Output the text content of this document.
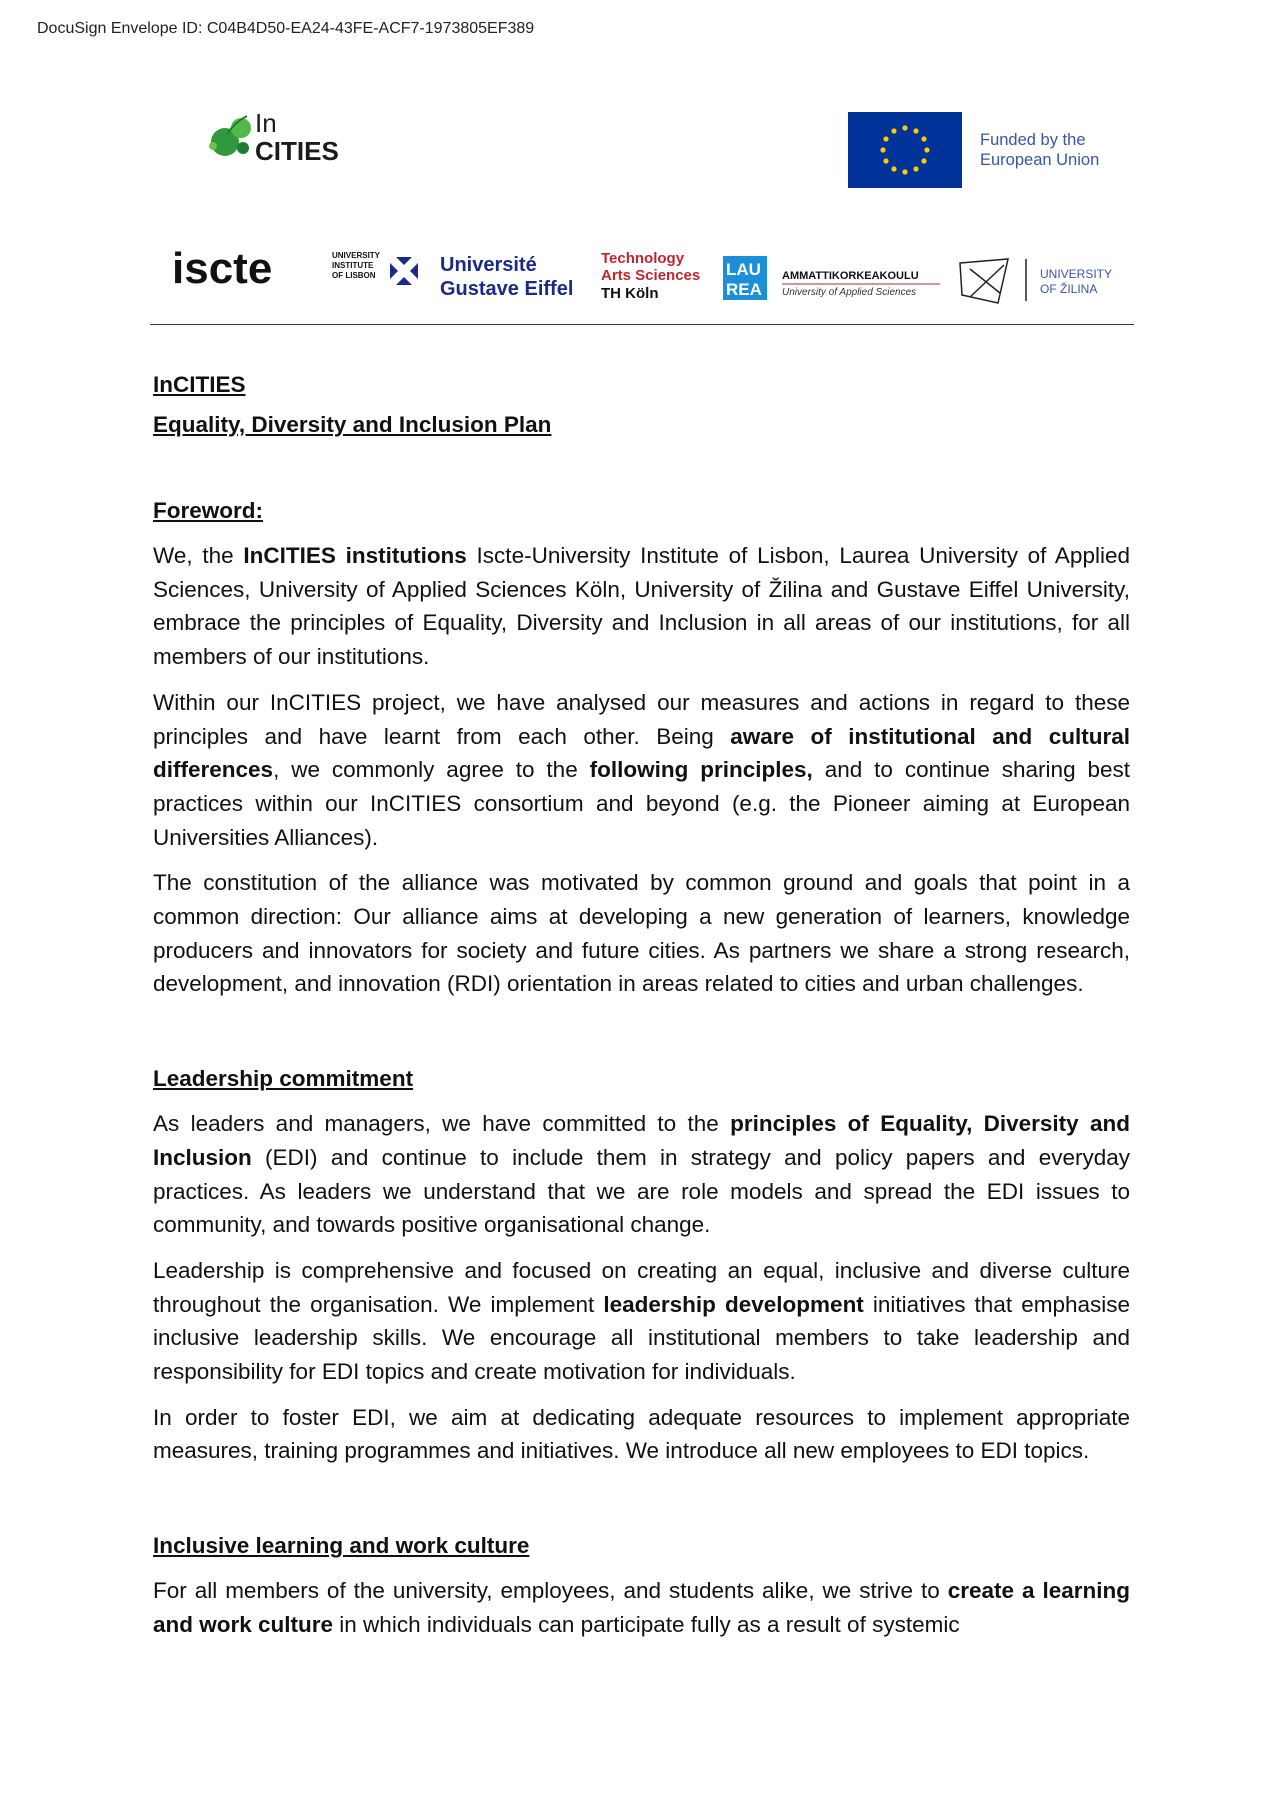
DocuSign Envelope ID: C04B4D50-EA24-43FE-ACF7-1973805EF389
In
CITIES	Funded by the
European Union
iscte	UNIVERSITY
INSTITUTE
OF LISBON	Université
Gustave Eiffel
Technology
Arts Sciences
TH Köln
LAU
REA
AMMATTIKORKEAKOULU
University of Applied Sciences
UNIVERSITY
OF ŽILINA

InCITIES

Equality, Diversity and Inclusion Plan

Foreword:

We, the InCITIES institutions Iscte-University Institute of Lisbon, Laurea University of Applied Sciences, University of Applied Sciences Köln, University of Žilina and Gustave Eiffel University, embrace the principles of Equality, Diversity and Inclusion in all areas of our institutions, for all members of our institutions.

Within our InCITIES project, we have analysed our measures and actions in regard to these principles and have learnt from each other. Being aware of institutional and cultural differences, we commonly agree to the following principles, and to continue sharing best practices within our InCITIES consortium and beyond (e.g. the Pioneer aiming at European Universities Alliances).

The constitution of the alliance was motivated by common ground and goals that point in a common direction: Our alliance aims at developing a new generation of learners, knowledge producers and innovators for society and future cities. As partners we share a strong research, development, and innovation (RDI) orientation in areas related to cities and urban challenges.

Leadership commitment

As leaders and managers, we have committed to the principles of Equality, Diversity and Inclusion (EDI) and continue to include them in strategy and policy papers and everyday practices. As leaders we understand that we are role models and spread the EDI issues to community, and towards positive organisational change.

Leadership is comprehensive and focused on creating an equal, inclusive and diverse culture throughout the organisation. We implement leadership development initiatives that emphasise inclusive leadership skills. We encourage all institutional members to take leadership and responsibility for EDI topics and create motivation for individuals.

In order to foster EDI, we aim at dedicating adequate resources to implement appropriate measures, training programmes and initiatives. We introduce all new employees to EDI topics.

Inclusive learning and work culture

For all members of the university, employees, and students alike, we strive to create a learning and work culture in which individuals can participate fully as a result of systemic
